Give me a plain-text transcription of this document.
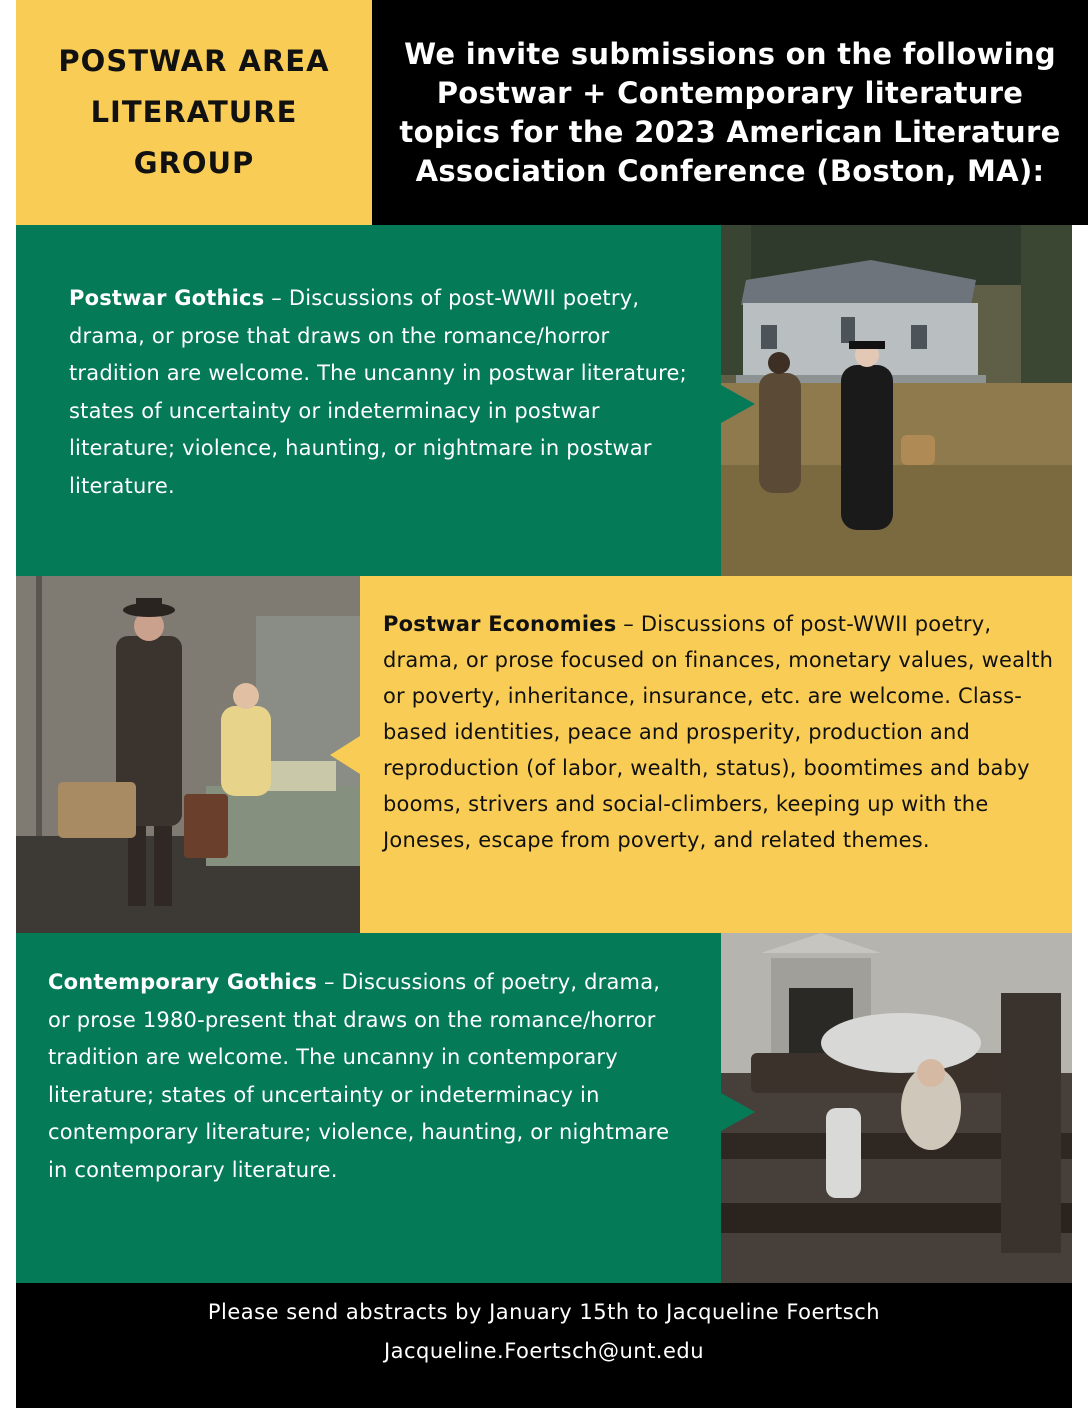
POSTWAR AREA
LITERATURE
GROUP

We invite submissions on the following Postwar + Contemporary literature topics for the 2023 American Literature Association Conference (Boston, MA):

Postwar Gothics – Discussions of post-WWII poetry, drama, or prose that draws on the romance/horror tradition are welcome. The uncanny in postwar literature; states of uncertainty or indeterminacy in postwar literature; violence, haunting, or nightmare in postwar literature.

Postwar Economies – Discussions of post-WWII poetry, drama, or prose focused on finances, monetary values, wealth or poverty, inheritance, insurance, etc. are welcome. Class-based identities, peace and prosperity, production and reproduction (of labor, wealth, status), boomtimes and baby booms, strivers and social-climbers, keeping up with the Joneses, escape from poverty, and related themes.

Contemporary Gothics – Discussions of poetry, drama, or prose 1980-present that draws on the romance/horror tradition are welcome. The uncanny in contemporary literature; states of uncertainty or indeterminacy in contemporary literature; violence, haunting, or nightmare in contemporary literature.

Please send abstracts by January 15th to Jacqueline Foertsch

Jacqueline.Foertsch@unt.edu
